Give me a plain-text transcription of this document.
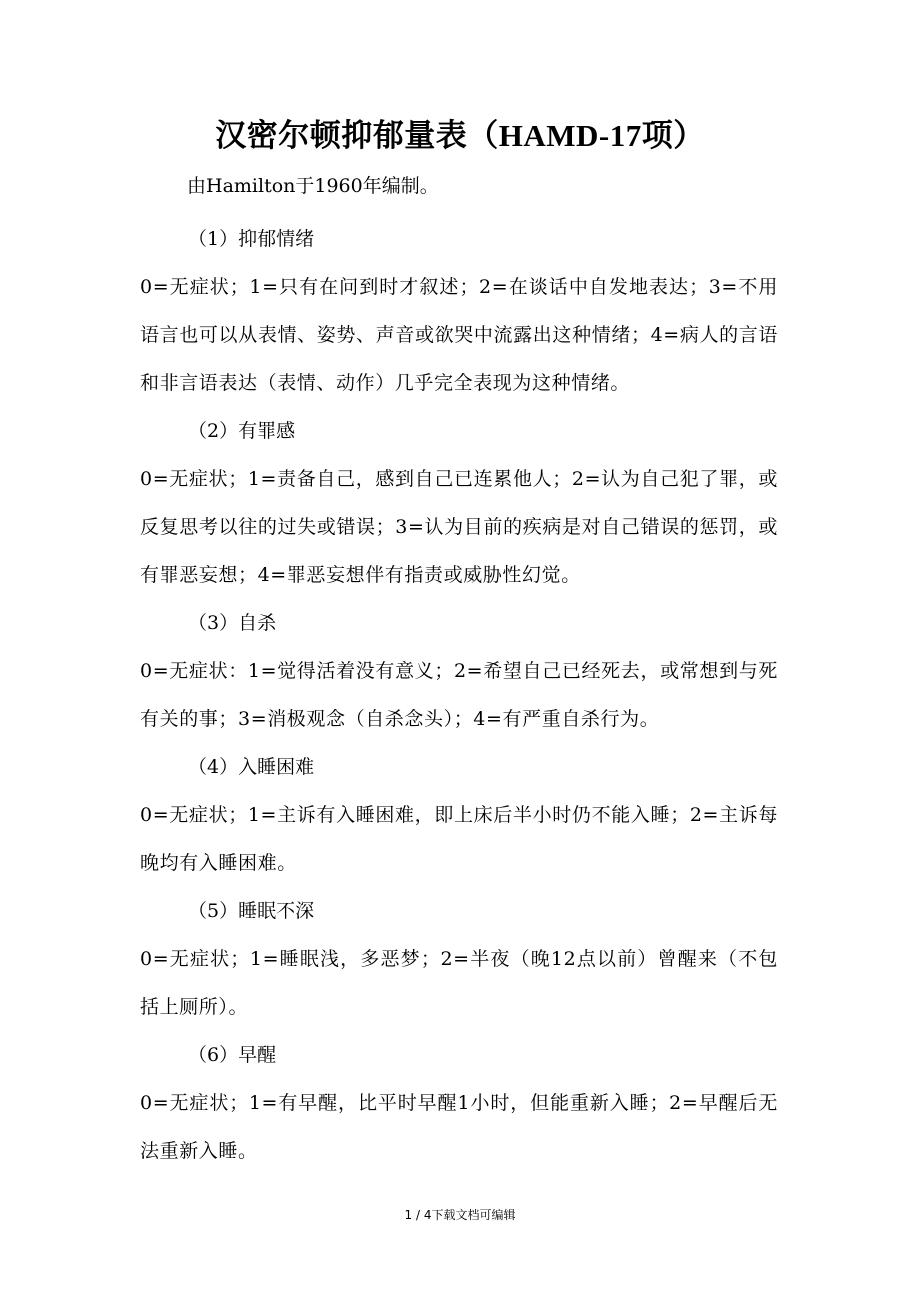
汉密尔顿抑郁量表（HAMD-17项）

由Hamilton于1960年编制。

（1）抑郁情绪

0=无症状；1=只有在问到时才叙述；2=在谈话中自发地表达；3=不用语言也可以从表情、姿势、声音或欲哭中流露出这种情绪；4=病人的言语和非言语表达（表情、动作）几乎完全表现为这种情绪。

（2）有罪感

0=无症状；1=责备自己，感到自己已连累他人；2=认为自己犯了罪，或反复思考以往的过失或错误；3=认为目前的疾病是对自己错误的惩罚，或有罪恶妄想；4=罪恶妄想伴有指责或威胁性幻觉。

（3）自杀

0=无症状：1=觉得活着没有意义；2=希望自己已经死去，或常想到与死有关的事；3=消极观念（自杀念头）；4=有严重自杀行为。

（4）入睡困难

0=无症状；1=主诉有入睡困难，即上床后半小时仍不能入睡；2=主诉每晚均有入睡困难。

（5）睡眠不深

0=无症状；1=睡眠浅，多恶梦；2=半夜（晚12点以前）曾醒来（不包括上厕所）。

（6）早醒

0=无症状；1=有早醒，比平时早醒1小时，但能重新入睡；2=早醒后无法重新入睡。

1 / 4下载文档可编辑
